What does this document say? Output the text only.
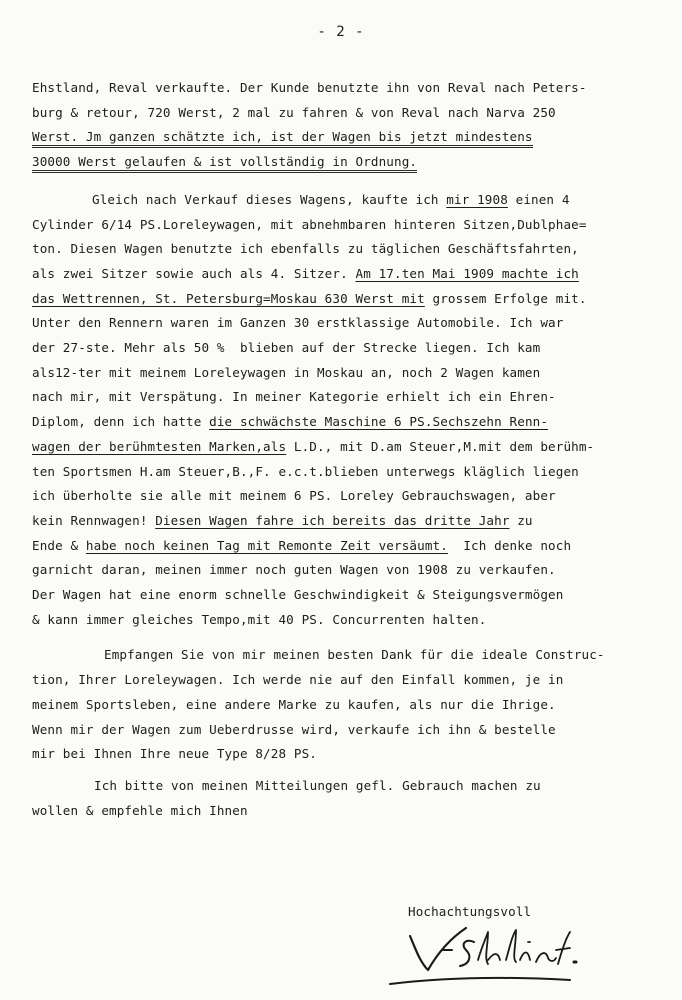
- 2 -
Ehstland, Reval verkaufte. Der Kunde benutzte ihn von Reval nach Peters-
burg & retour, 720 Werst, 2 mal zu fahren & von Reval nach Narva 250
Werst. Jm ganzen schätzte ich, ist der Wagen bis jetzt mindestens
30000 Werst gelaufen & ist vollständig in Ordnung.
Gleich nach Verkauf dieses Wagens, kaufte ich mir 1908 einen 4
Cylinder 6/14 PS.Loreleywagen, mit abnehmbaren hinteren Sitzen,Dublphae=
ton. Diesen Wagen benutzte ich ebenfalls zu täglichen Geschäftsfahrten,
als zwei Sitzer sowie auch als 4. Sitzer. Am 17.ten Mai 1909 machte ich
das Wettrennen, St. Petersburg=Moskau 630 Werst mit grossem Erfolge mit.
Unter den Rennern waren im Ganzen 30 erstklassige Automobile. Ich war
der 27-ste. Mehr als 50 %  blieben auf der Strecke liegen. Ich kam
als12-ter mit meinem Loreleywagen in Moskau an, noch 2 Wagen kamen
nach mir, mit Verspätung. In meiner Kategorie erhielt ich ein Ehren-
Diplom, denn ich hatte die schwächste Maschine 6 PS.Sechszehn Renn-
wagen der berühmtesten Marken,als L.D., mit D.am Steuer,M.mit dem berühm-
ten Sportsmen H.am Steuer,B.,F. e.c.t.blieben unterwegs kläglich liegen
ich überholte sie alle mit meinem 6 PS. Loreley Gebrauchswagen, aber
kein Rennwagen! Diesen Wagen fahre ich bereits das dritte Jahr zu
Ende & habe noch keinen Tag mit Remonte Zeit versäumt.  Ich denke noch
garnicht daran, meinen immer noch guten Wagen von 1908 zu verkaufen.
Der Wagen hat eine enorm schnelle Geschwindigkeit & Steigungsvermögen
& kann immer gleiches Tempo,mit 40 PS. Concurrenten halten.
Empfangen Sie von mir meinen besten Dank für die ideale Construc-
tion, Ihrer Loreleywagen. Ich werde nie auf den Einfall kommen, je in
meinem Sportsleben, eine andere Marke zu kaufen, als nur die Ihrige.
Wenn mir der Wagen zum Ueberdrusse wird, verkaufe ich ihn & bestelle
mir bei Ihnen Ihre neue Type 8/28 PS.
Ich bitte von meinen Mitteilungen gefl. Gebrauch machen zu
wollen & empfehle mich Ihnen
Hochachtungsvoll
